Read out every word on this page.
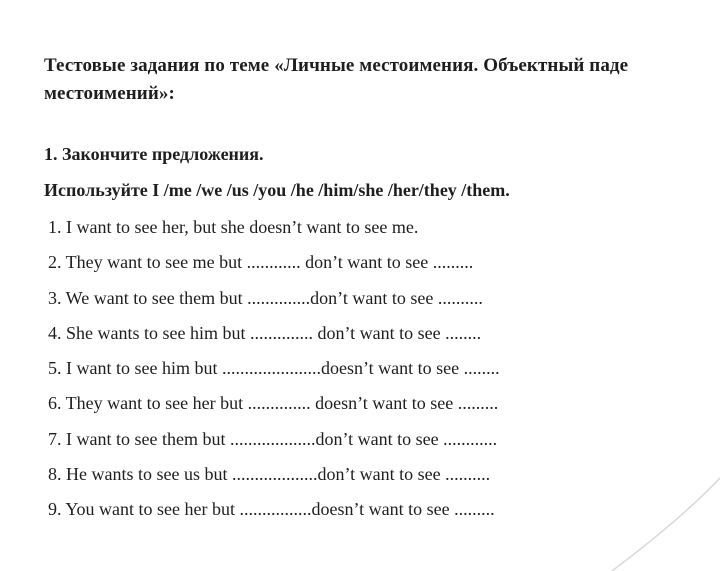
Тестовые задания по теме «Личные местоимения. Объектный паде
местоимений»:
1. Закончите предложения.
Используйте I /me /we /us /you /he /him/she /her/they /them.
1. I want to see her, but she doesn’t want to see me.
2. They want to see me but ............ don’t want to see .........
3. We want to see them but ..............don’t want to see ..........
4. She wants to see him but .............. don’t want to see ........
5. I want to see him but ......................doesn’t want to see ........
6. They want to see her but .............. doesn’t want to see .........
7. I want to see them but ...................don’t want to see ............
8. He wants to see us but ...................don’t want to see ..........
9. You want to see her but ................doesn’t want to see .........
